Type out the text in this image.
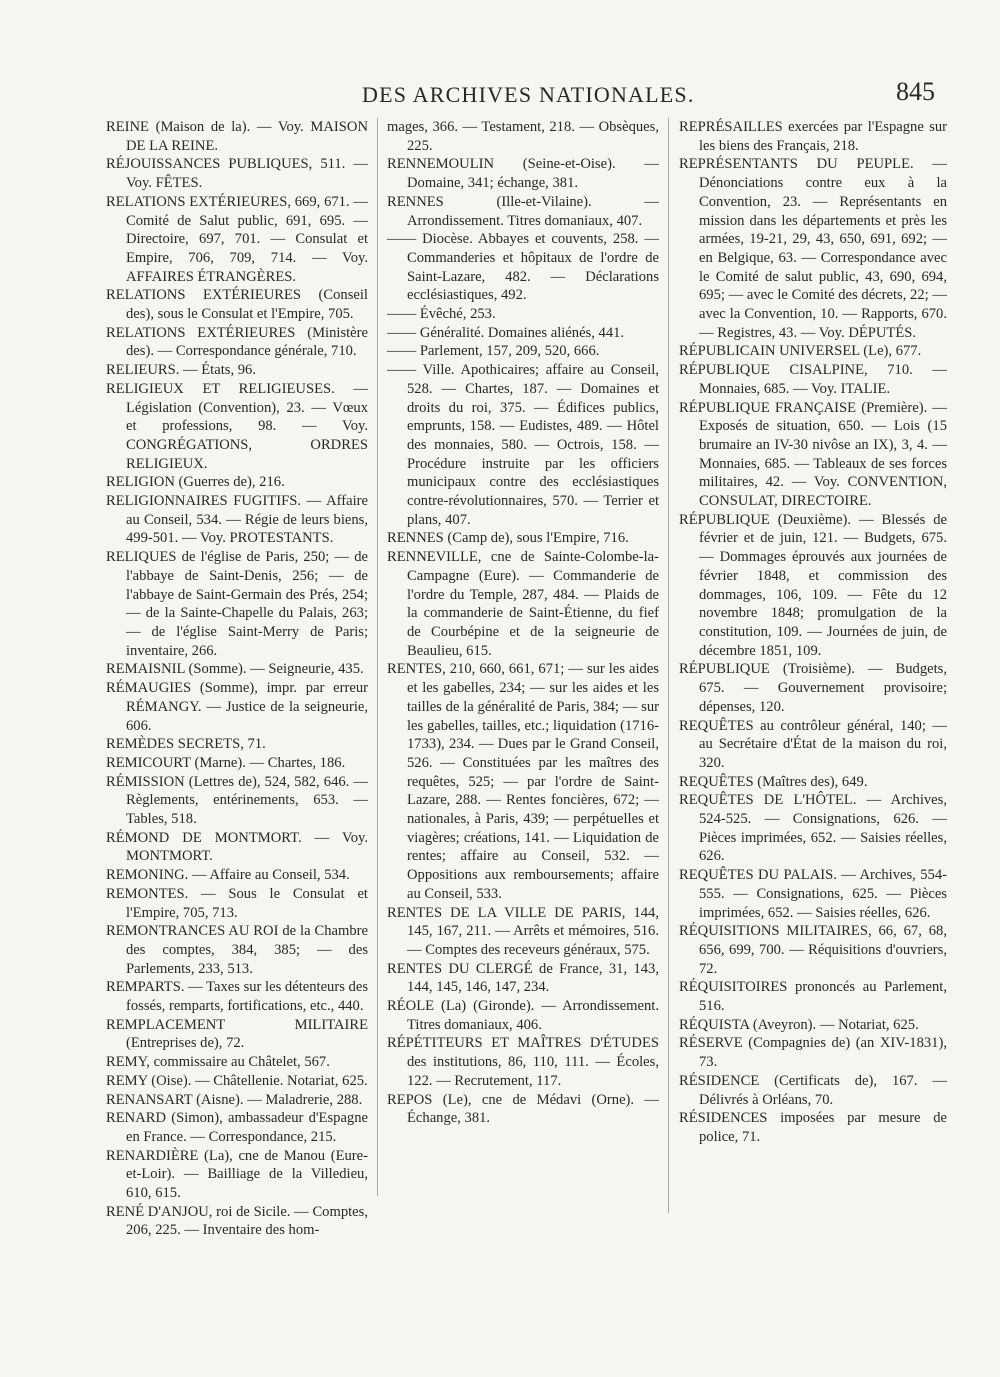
DES ARCHIVES NATIONALES.	845

REINE (Maison de la). — Voy. MAISON DE LA REINE.

RÉJOUISSANCES PUBLIQUES, 511. — Voy. FÊTES.

RELATIONS EXTÉRIEURES, 669, 671. — Comité de Salut public, 691, 695. — Directoire, 697, 701. — Consulat et Empire, 706, 709, 714. — Voy. AFFAIRES ÉTRANGÈRES.

RELATIONS EXTÉRIEURES (Conseil des), sous le Consulat et l'Empire, 705.

RELATIONS EXTÉRIEURES (Ministère des). — Correspondance générale, 710.

RELIEURS. — États, 96.

RELIGIEUX ET RELIGIEUSES. — Législation (Convention), 23. — Vœux et professions, 98. — Voy. CONGRÉGATIONS, ORDRES RELIGIEUX.

RELIGION (Guerres de), 216.

RELIGIONNAIRES FUGITIFS. — Affaire au Conseil, 534. — Régie de leurs biens, 499-501. — Voy. PROTESTANTS.

RELIQUES de l'église de Paris, 250; — de l'abbaye de Saint-Denis, 256; — de l'abbaye de Saint-Germain des Prés, 254; — de la Sainte-Chapelle du Palais, 263; — de l'église Saint-Merry de Paris; inventaire, 266.

REMAISNIL (Somme). — Seigneurie, 435.

RÉMAUGIES (Somme), impr. par erreur RÉMANGY. — Justice de la seigneurie, 606.

REMÈDES SECRETS, 71.

REMICOURT (Marne). — Chartes, 186.

RÉMISSION (Lettres de), 524, 582, 646. — Règlements, entérinements, 653. — Tables, 518.

RÉMOND DE MONTMORT. — Voy. MONTMORT.

REMONING. — Affaire au Conseil, 534.

REMONTES. — Sous le Consulat et l'Empire, 705, 713.

REMONTRANCES AU ROI de la Chambre des comptes, 384, 385; — des Parlements, 233, 513.

REMPARTS. — Taxes sur les détenteurs des fossés, remparts, fortifications, etc., 440.

REMPLACEMENT MILITAIRE (Entreprises de), 72.

REMY, commissaire au Châtelet, 567.

REMY (Oise). — Châtellenie. Notariat, 625.

RENANSART (Aisne). — Maladrerie, 288.

RENARD (Simon), ambassadeur d'Espagne en France. — Correspondance, 215.

RENARDIÈRE (La), cne de Manou (Eure-et-Loir). — Bailliage de la Villedieu, 610, 615.

RENÉ D'ANJOU, roi de Sicile. — Comptes, 206, 225. — Inventaire des hom-

mages, 366. — Testament, 218. — Obsèques, 225.

RENNEMOULIN (Seine-et-Oise). — Domaine, 341; échange, 381.

RENNES (Ille-et-Vilaine). — Arrondissement. Titres domaniaux, 407.

—— Diocèse. Abbayes et couvents, 258. — Commanderies et hôpitaux de l'ordre de Saint-Lazare, 482. — Déclarations ecclésiastiques, 492.

—— Évêché, 253.

—— Généralité. Domaines aliénés, 441.

—— Parlement, 157, 209, 520, 666.

—— Ville. Apothicaires; affaire au Conseil, 528. — Chartes, 187. — Domaines et droits du roi, 375. — Édifices publics, emprunts, 158. — Eudistes, 489. — Hôtel des monnaies, 580. — Octrois, 158. — Procédure instruite par les officiers municipaux contre des ecclésiastiques contre-révolutionnaires, 570. — Terrier et plans, 407.

RENNES (Camp de), sous l'Empire, 716.

RENNEVILLE, cne de Sainte-Colombe-la-Campagne (Eure). — Commanderie de l'ordre du Temple, 287, 484. — Plaids de la commanderie de Saint-Étienne, du fief de Courbépine et de la seigneurie de Beaulieu, 615.

RENTES, 210, 660, 661, 671; — sur les aides et les gabelles, 234; — sur les aides et les tailles de la généralité de Paris, 384; — sur les gabelles, tailles, etc.; liquidation (1716-1733), 234. — Dues par le Grand Conseil, 526. — Constituées par les maîtres des requêtes, 525; — par l'ordre de Saint-Lazare, 288. — Rentes foncières, 672; — nationales, à Paris, 439; — perpétuelles et viagères; créations, 141. — Liquidation de rentes; affaire au Conseil, 532. — Oppositions aux remboursements; affaire au Conseil, 533.

RENTES DE LA VILLE DE PARIS, 144, 145, 167, 211. — Arrêts et mémoires, 516. — Comptes des receveurs généraux, 575.

RENTES DU CLERGÉ de France, 31, 143, 144, 145, 146, 147, 234.

RÉOLE (La) (Gironde). — Arrondissement. Titres domaniaux, 406.

RÉPÉTITEURS ET MAÎTRES D'ÉTUDES des institutions, 86, 110, 111. — Écoles, 122. — Recrutement, 117.

REPOS (Le), cne de Médavi (Orne). — Échange, 381.

REPRÉSAILLES exercées par l'Espagne sur les biens des Français, 218.

REPRÉSENTANTS DU PEUPLE. — Dénonciations contre eux à la Convention, 23. — Représentants en mission dans les départements et près les armées, 19-21, 29, 43, 650, 691, 692; — en Belgique, 63. — Correspondance avec le Comité de salut public, 43, 690, 694, 695; — avec le Comité des décrets, 22; — avec la Convention, 10. — Rapports, 670. — Registres, 43. — Voy. DÉPUTÉS.

RÉPUBLICAIN UNIVERSEL (Le), 677.

RÉPUBLIQUE CISALPINE, 710. — Monnaies, 685. — Voy. ITALIE.

RÉPUBLIQUE FRANÇAISE (Première). — Exposés de situation, 650. — Lois (15 brumaire an IV-30 nivôse an IX), 3, 4. — Monnaies, 685. — Tableaux de ses forces militaires, 42. — Voy. CONVENTION, CONSULAT, DIRECTOIRE.

RÉPUBLIQUE (Deuxième). — Blessés de février et de juin, 121. — Budgets, 675. — Dommages éprouvés aux journées de février 1848, et commission des dommages, 106, 109. — Fête du 12 novembre 1848; promulgation de la constitution, 109. — Journées de juin, de décembre 1851, 109.

RÉPUBLIQUE (Troisième). — Budgets, 675. — Gouvernement provisoire; dépenses, 120.

REQUÊTES au contrôleur général, 140; — au Secrétaire d'État de la maison du roi, 320.

REQUÊTES (Maîtres des), 649.

REQUÊTES DE L'HÔTEL. — Archives, 524-525. — Consignations, 626. — Pièces imprimées, 652. — Saisies réelles, 626.

REQUÊTES DU PALAIS. — Archives, 554-555. — Consignations, 625. — Pièces imprimées, 652. — Saisies réelles, 626.

RÉQUISITIONS MILITAIRES, 66, 67, 68, 656, 699, 700. — Réquisitions d'ouvriers, 72.

RÉQUISITOIRES prononcés au Parlement, 516.

RÉQUISTA (Aveyron). — Notariat, 625.

RÉSERVE (Compagnies de) (an XIV-1831), 73.

RÉSIDENCE (Certificats de), 167. — Délivrés à Orléans, 70.

RÉSIDENCES imposées par mesure de police, 71.
